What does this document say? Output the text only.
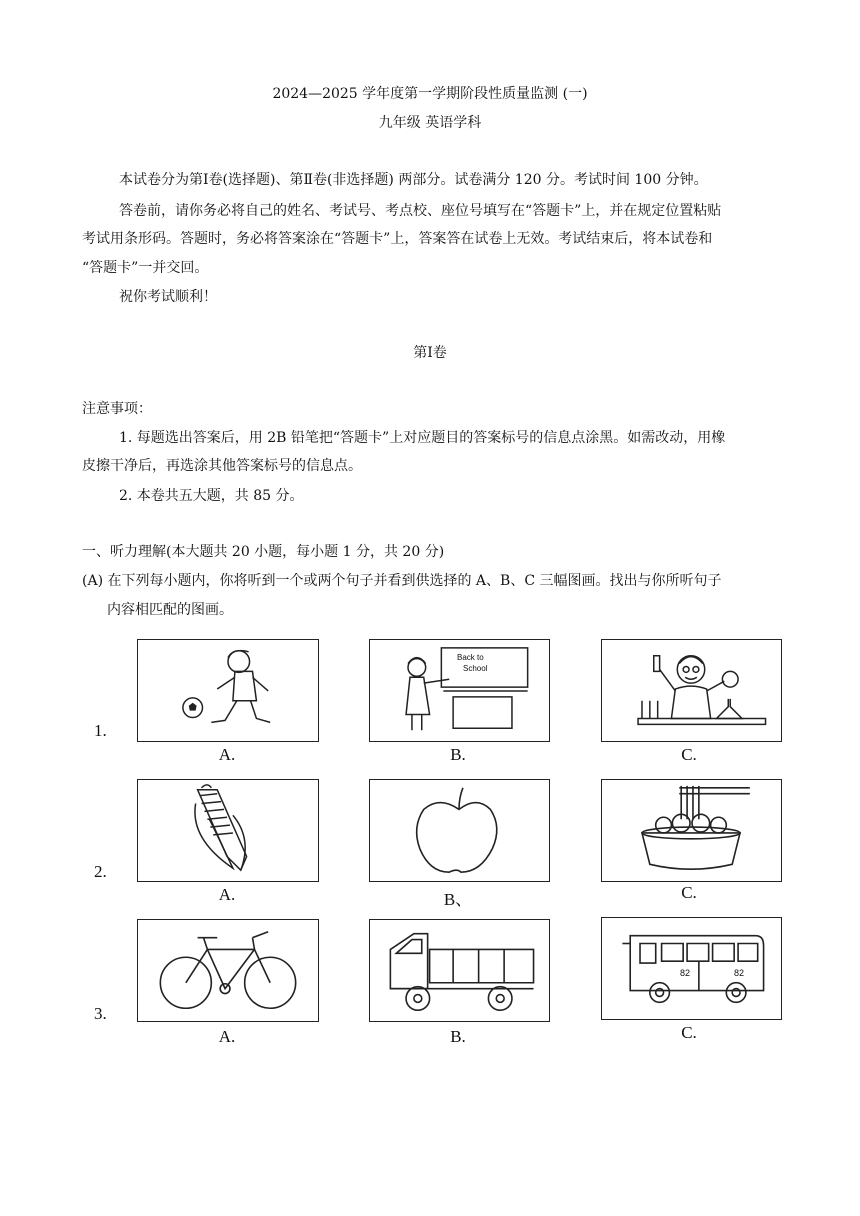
2024—2025 学年度第一学期阶段性质量监测 (一)
九年级 英语学科
本试卷分为第Ⅰ卷(选择题)、第Ⅱ卷(非选择题) 两部分。试卷满分 120 分。考试时间 100 分钟。
答卷前，请你务必将自己的姓名、考试号、考点校、座位号填写在“答题卡”上，并在规定位置粘贴
考试用条形码。答题时，务必将答案涂在“答题卡”上，答案答在试卷上无效。考试结束后，将本试卷和
“答题卡”一并交回。
祝你考试顺利！
第Ⅰ卷
注意事项：
1. 每题选出答案后，用 2B 铅笔把“答题卡”上对应题目的答案标号的信息点涂黑。如需改动，用橡
皮擦干净后，再选涂其他答案标号的信息点。
2. 本卷共五大题，共 85 分。
一、听力理解(本大题共 20 小题，每小题 1 分，共 20 分)
(A) 在下列每小题内，你将听到一个或两个句子并看到供选择的 A、B、C 三幅图画。找出与你所听句子
内容相匹配的图画。
1.
A.
Back to
School
B.	C.
2.
A.	B、	C.
3.
A.	B.
82	82
C.
